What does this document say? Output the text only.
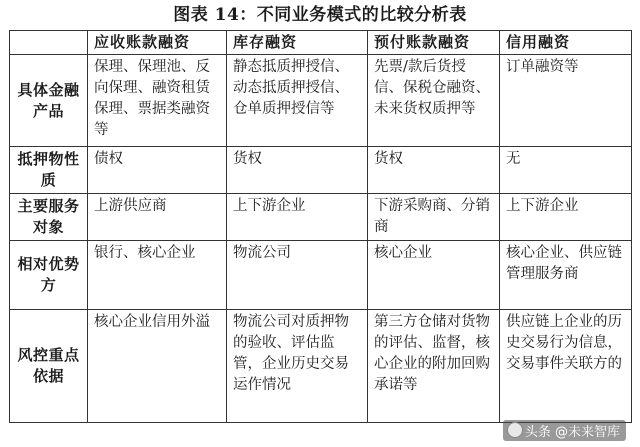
图表 14：不同业务模式的比较分析表
	应收账款融资	库存融资	预付账款融资	信用融资
具体金融产品	保理、保理池、反向保理、融资租赁保理、票据类融资等	静态抵质押授信、动态抵质押授信、仓单质押授信等	先票/款后货授信、保税仓融资、未来货权质押等	订单融资等
抵押物性质	债权	货权	货权	无
主要服务对象	上游供应商	上下游企业	下游采购商、分销商	上下游企业
相对优势方	银行、核心企业	物流公司	核心企业	核心企业、供应链管理服务商
风控重点依据	核心企业信用外溢	物流公司对质押物的验收、评估监管，企业历史交易运作情况	第三方仓储对货物的评估、监督，核心企业的附加回购承诺等	供应链上企业的历史交易行为信息，交易事件关联方的
头条 @未来智库
